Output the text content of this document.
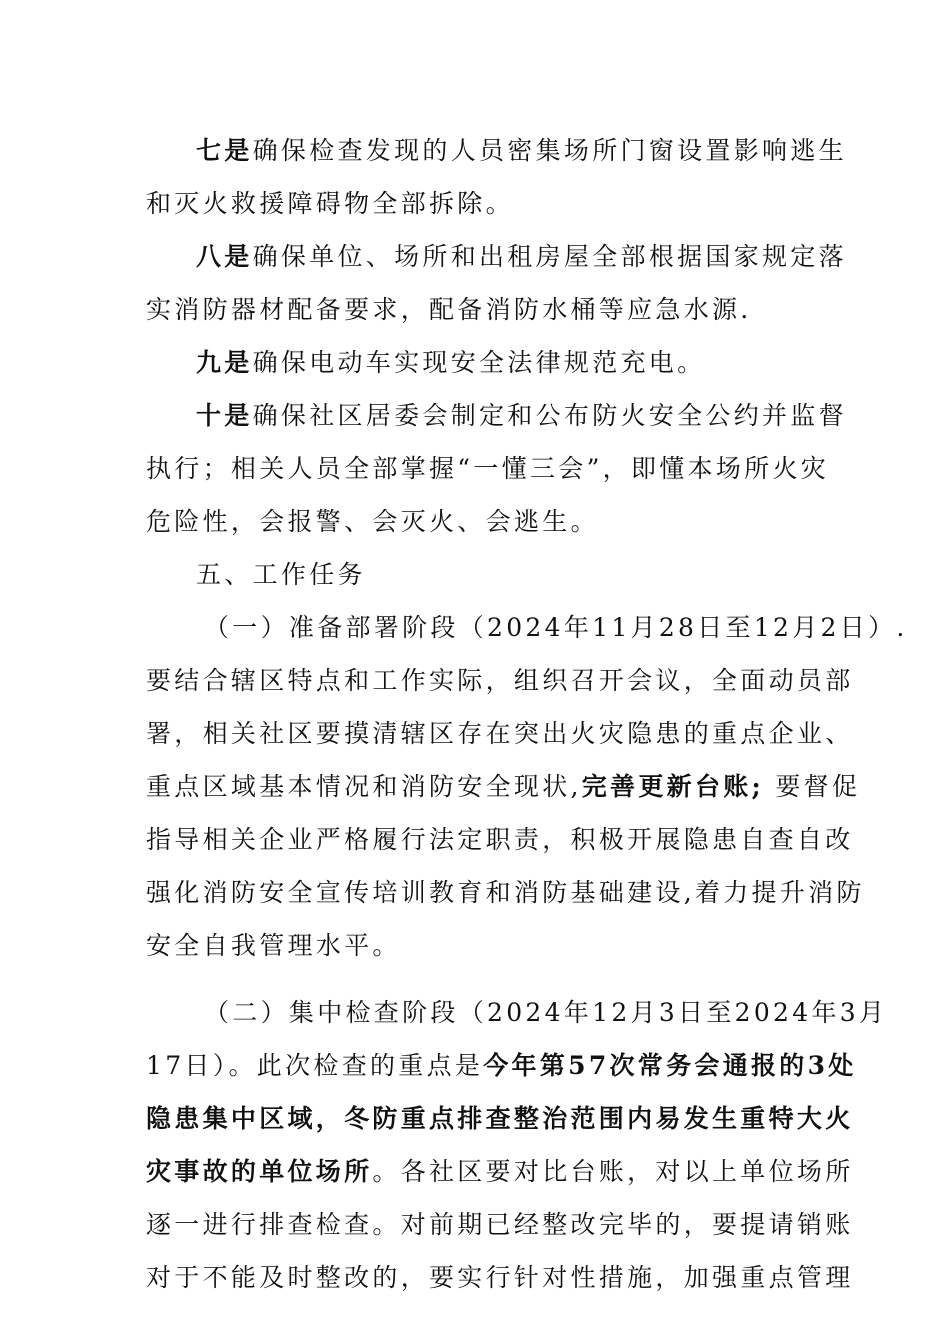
七是确保检查发现的人员密集场所门窗设置影响逃生
和灭火救援障碍物全部拆除。
八是确保单位、场所和出租房屋全部根据国家规定落
实消防器材配备要求，配备消防水桶等应急水源.
九是确保电动车实现安全法律规范充电。
十是确保社区居委会制定和公布防火安全公约并监督
执行；相关人员全部掌握“一懂三会”，即懂本场所火灾
危险性，会报警、会灭火、会逃生。
五、工作任务
（一）准备部署阶段（2024年11月28日至12月2日）.
要结合辖区特点和工作实际，组织召开会议，全面动员部
署，相关社区要摸清辖区存在突出火灾隐患的重点企业、
重点区域基本情况和消防安全现状,完善更新台账; 要督促
指导相关企业严格履行法定职责，积极开展隐患自查自改
强化消防安全宣传培训教育和消防基础建设,着力提升消防
安全自我管理水平。
（二）集中检查阶段（2024年12月3日至2024年3月
17日）。此次检查的重点是今年第57次常务会通报的3处
隐患集中区域，冬防重点排查整治范围内易发生重特大火
灾事故的单位场所。各社区要对比台账，对以上单位场所
逐一进行排查检查。对前期已经整改完毕的，要提请销账
对于不能及时整改的，要实行针对性措施，加强重点管理
